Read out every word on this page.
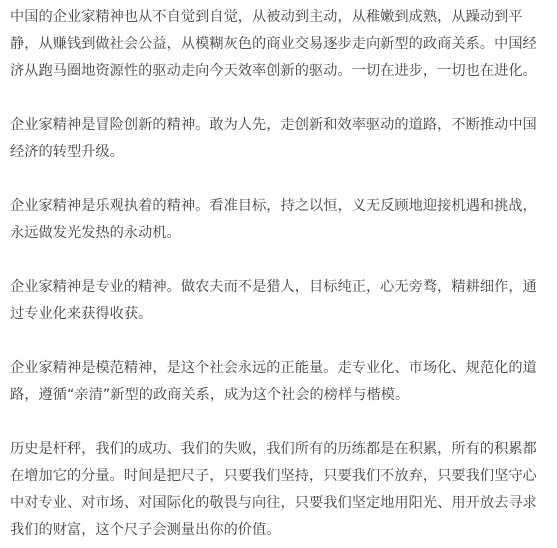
中国的企业家精神也从不自觉到自觉，从被动到主动，从稚嫩到成熟，从躁动到平静，从赚钱到做社会公益，从模糊灰色的商业交易逐步走向新型的政商关系。中国经济从跑马圈地资源性的驱动走向今天效率创新的驱动。一切在进步，一切也在进化。

企业家精神是冒险创新的精神。敢为人先，走创新和效率驱动的道路，不断推动中国经济的转型升级。

企业家精神是乐观执着的精神。看准目标，持之以恒，义无反顾地迎接机遇和挑战，永远做发光发热的永动机。

企业家精神是专业的精神。做农夫而不是猎人，目标纯正，心无旁骛，精耕细作，通过专业化来获得收获。

企业家精神是模范精神，是这个社会永远的正能量。走专业化、市场化、规范化的道路，遵循“亲清”新型的政商关系，成为这个社会的榜样与楷模。

历史是杆秤，我们的成功、我们的失败，我们所有的历练都是在积累，所有的积累都在增加它的分量。时间是把尺子，只要我们坚持，只要我们不放弃，只要我们坚守心中对专业、对市场、对国际化的敬畏与向往，只要我们坚定地用阳光、用开放去寻求我们的财富，这个尺子会测量出你的价值。
